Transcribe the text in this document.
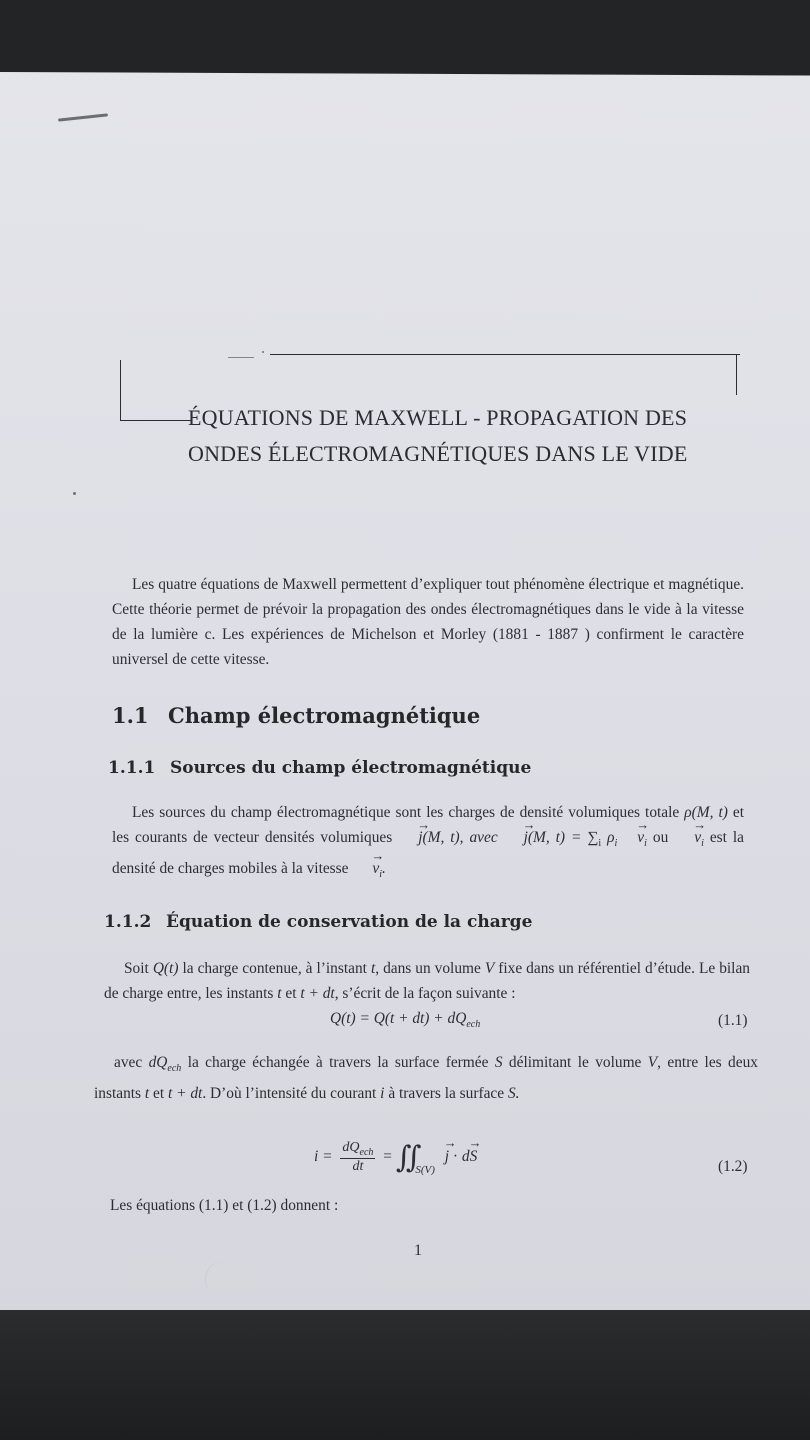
ÉQUATIONS DE MAXWELL - PROPAGATION DES
ONDES ÉLECTROMAGNÉTIQUES DANS LE VIDE

Les quatre équations de Maxwell permettent d’expliquer tout phénomène électrique et magnétique. Cette théorie permet de prévoir la propagation des ondes électromagnétiques dans le vide à la vitesse de la lumière c. Les expériences de Michelson et Morley (1881 - 1887 ) confirment le caractère universel de cette vitesse.

1.1 Champ électromagnétique
1.1.1 Sources du champ électromagnétique

Les sources du champ électromagnétique sont les charges de densité volumiques totale ρ(M, t) et les courants de vecteur densités volumiques → j(M, t), avec → j(M, $t) = \sum_i$ $\rho_i \to v_i$ ou → $v_i$ est la densité de charges mobiles à la vitesse → $v_i$.

1.1.2 Équation de conservation de la charge

Soit Q(t) la charge contenue, à l’instant t, dans un volume V fixe dans un référentiel d’étude. Le bilan de charge entre, les instants t et t + dt, s’écrit de la façon suivante :

$Q(t) = Q(t + dt) + dQ_{ech}$	(1.1)

avec $dQ_{ech}$ la charge échangée à travers la surface fermée S délimitant le volume V, entre les deux instants t et t + dt. D’où l’intensité du courant i à travers la surface S.

$i = \frac{dQ_{ech}}{dt}$ = $∬_{S(V)} \to j \cdot d\to S$
(1.2)

Les équations (1.1) et (1.2) donnent :

1
